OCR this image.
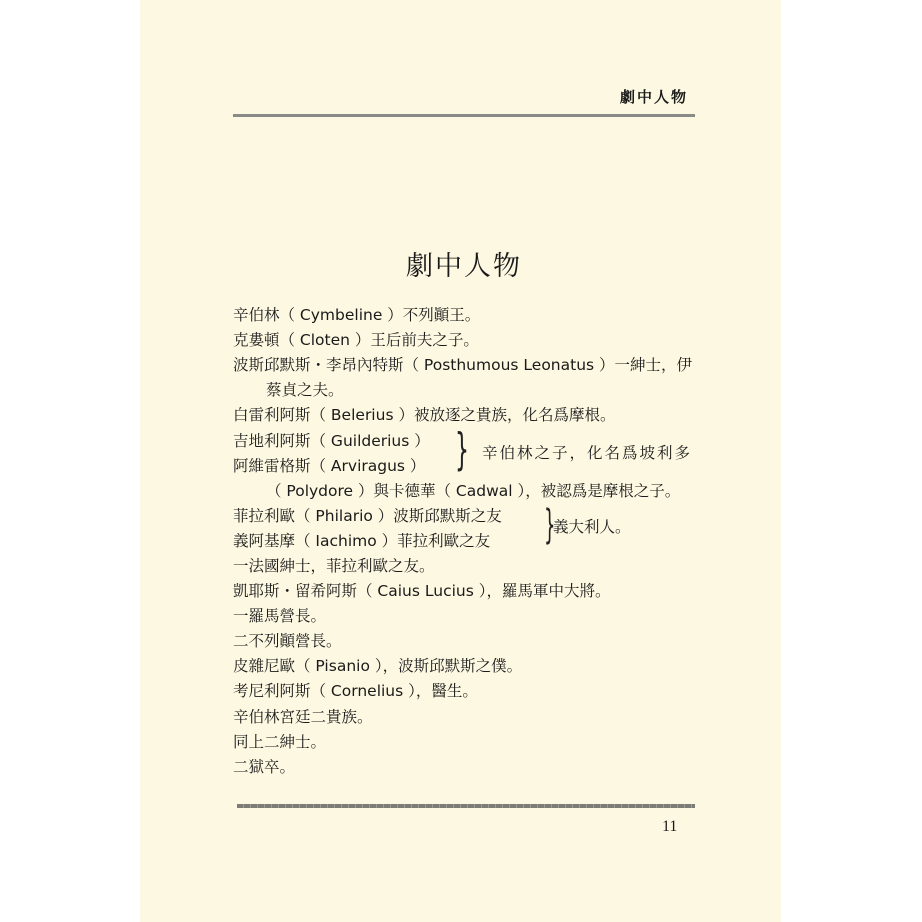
劇中人物
劇中人物
辛伯林（ Cymbeline ）不列顚王。
克婁頓（ Cloten ）王后前夫之子。
波斯邱默斯・李昂內特斯（ Posthumous Leonatus ）一紳士，伊
蔡貞之夫。
白雷利阿斯（ Belerius ）被放逐之貴族，化名爲摩根。
吉地利阿斯（ Guilderius ）
阿維雷格斯（ Arviragus ） } 辛伯林之子，化名爲坡利多
（ Polydore ）與卡德華（ Cadwal ），被認爲是摩根之子。
菲拉利歐（ Philario ）波斯邱默斯之友
義阿基摩（ Iachimo ）菲拉利歐之友 }
義大利人。
一法國紳士，菲拉利歐之友。
凱耶斯・留希阿斯（ Caius Lucius ），羅馬軍中大將。
一羅馬營長。
二不列顚營長。
皮雜尼歐（ Pisanio ），波斯邱默斯之僕。
考尼利阿斯（ Cornelius ），醫生。
辛伯林宮廷二貴族。
同上二紳士。
二獄卒。
11
